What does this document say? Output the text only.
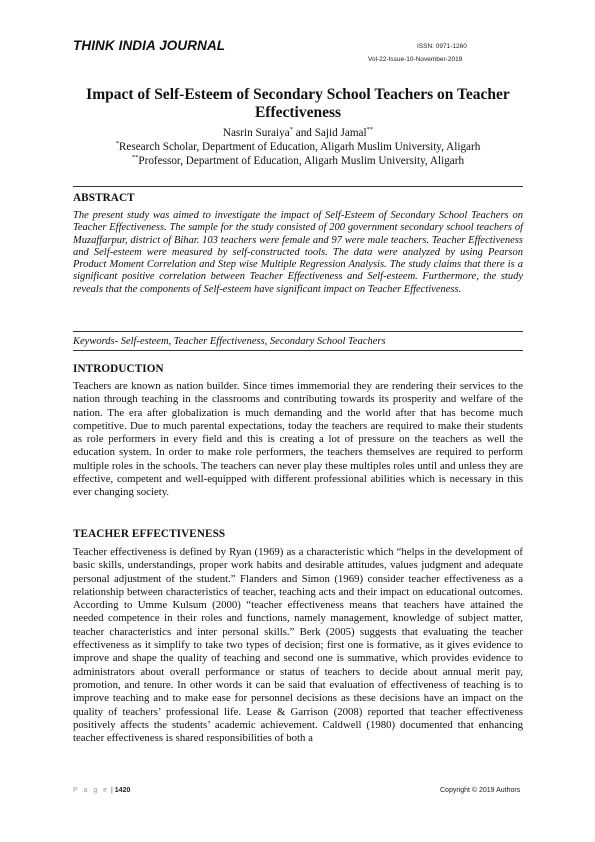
THINK INDIA JOURNAL	ISSN: 0971-1260
Vol-22-Issue-10-November-2019
Impact of Self-Esteem of Secondary School Teachers on Teacher Effectiveness
Nasrin Suraiya* and Sajid Jamal**
*Research Scholar, Department of Education, Aligarh Muslim University, Aligarh
**Professor, Department of Education, Aligarh Muslim University, Aligarh
ABSTRACT
The present study was aimed to investigate the impact of Self-Esteem of Secondary School Teachers on Teacher Effectiveness. The sample for the study consisted of 200 government secondary school teachers of Muzaffarpur, district of Bihar. 103 teachers were female and 97 were male teachers. Teacher Effectiveness and Self-esteem were measured by self-constructed tools. The data were analyzed by using Pearson Product Moment Correlation and Step wise Multiple Regression Analysis. The study claims that there is a significant positive correlation between Teacher Effectiveness and Self-esteem. Furthermore, the study reveals that the components of Self-esteem have significant impact on Teacher Effectiveness.
Keywords- Self-esteem, Teacher Effectiveness, Secondary School Teachers
INTRODUCTION
Teachers are known as nation builder. Since times immemorial they are rendering their services to the nation through teaching in the classrooms and contributing towards its prosperity and welfare of the nation. The era after globalization is much demanding and the world after that has become much competitive. Due to much parental expectations, today the teachers are required to make their students as role performers in every field and this is creating a lot of pressure on the teachers as well the education system. In order to make role performers, the teachers themselves are required to perform multiple roles in the schools. The teachers can never play these multiples roles until and unless they are effective, competent and well-equipped with different professional abilities which is necessary in this ever changing society.
TEACHER EFFECTIVENESS
Teacher effectiveness is defined by Ryan (1969) as a characteristic which “helps in the development of basic skills, understandings, proper work habits and desirable attitudes, values judgment and adequate personal adjustment of the student.” Flanders and Simon (1969) consider teacher effectiveness as a relationship between characteristics of teacher, teaching acts and their impact on educational outcomes. According to Umme Kulsum (2000) “teacher effectiveness means that teachers have attained the needed competence in their roles and functions, namely management, knowledge of subject matter, teacher characteristics and inter personal skills.” Berk (2005) suggests that evaluating the teacher effectiveness as it simplify to take two types of decision; first one is formative, as it gives evidence to improve and shape the quality of teaching and second one is summative, which provides evidence to administrators about overall performance or status of teachers to decide about annual merit pay, promotion, and tenure. In other words it can be said that evaluation of effectiveness of teaching is to improve teaching and to make ease for personnel decisions as these decisions have an impact on the quality of teachers’ professional life. Lease & Garrison (2008) reported that teacher effectiveness positively affects the students’ academic achievement. Caldwell (1980) documented that enhancing teacher effectiveness is shared responsibilities of both a
P a g e | 1420	Copyright © 2019 Authors
